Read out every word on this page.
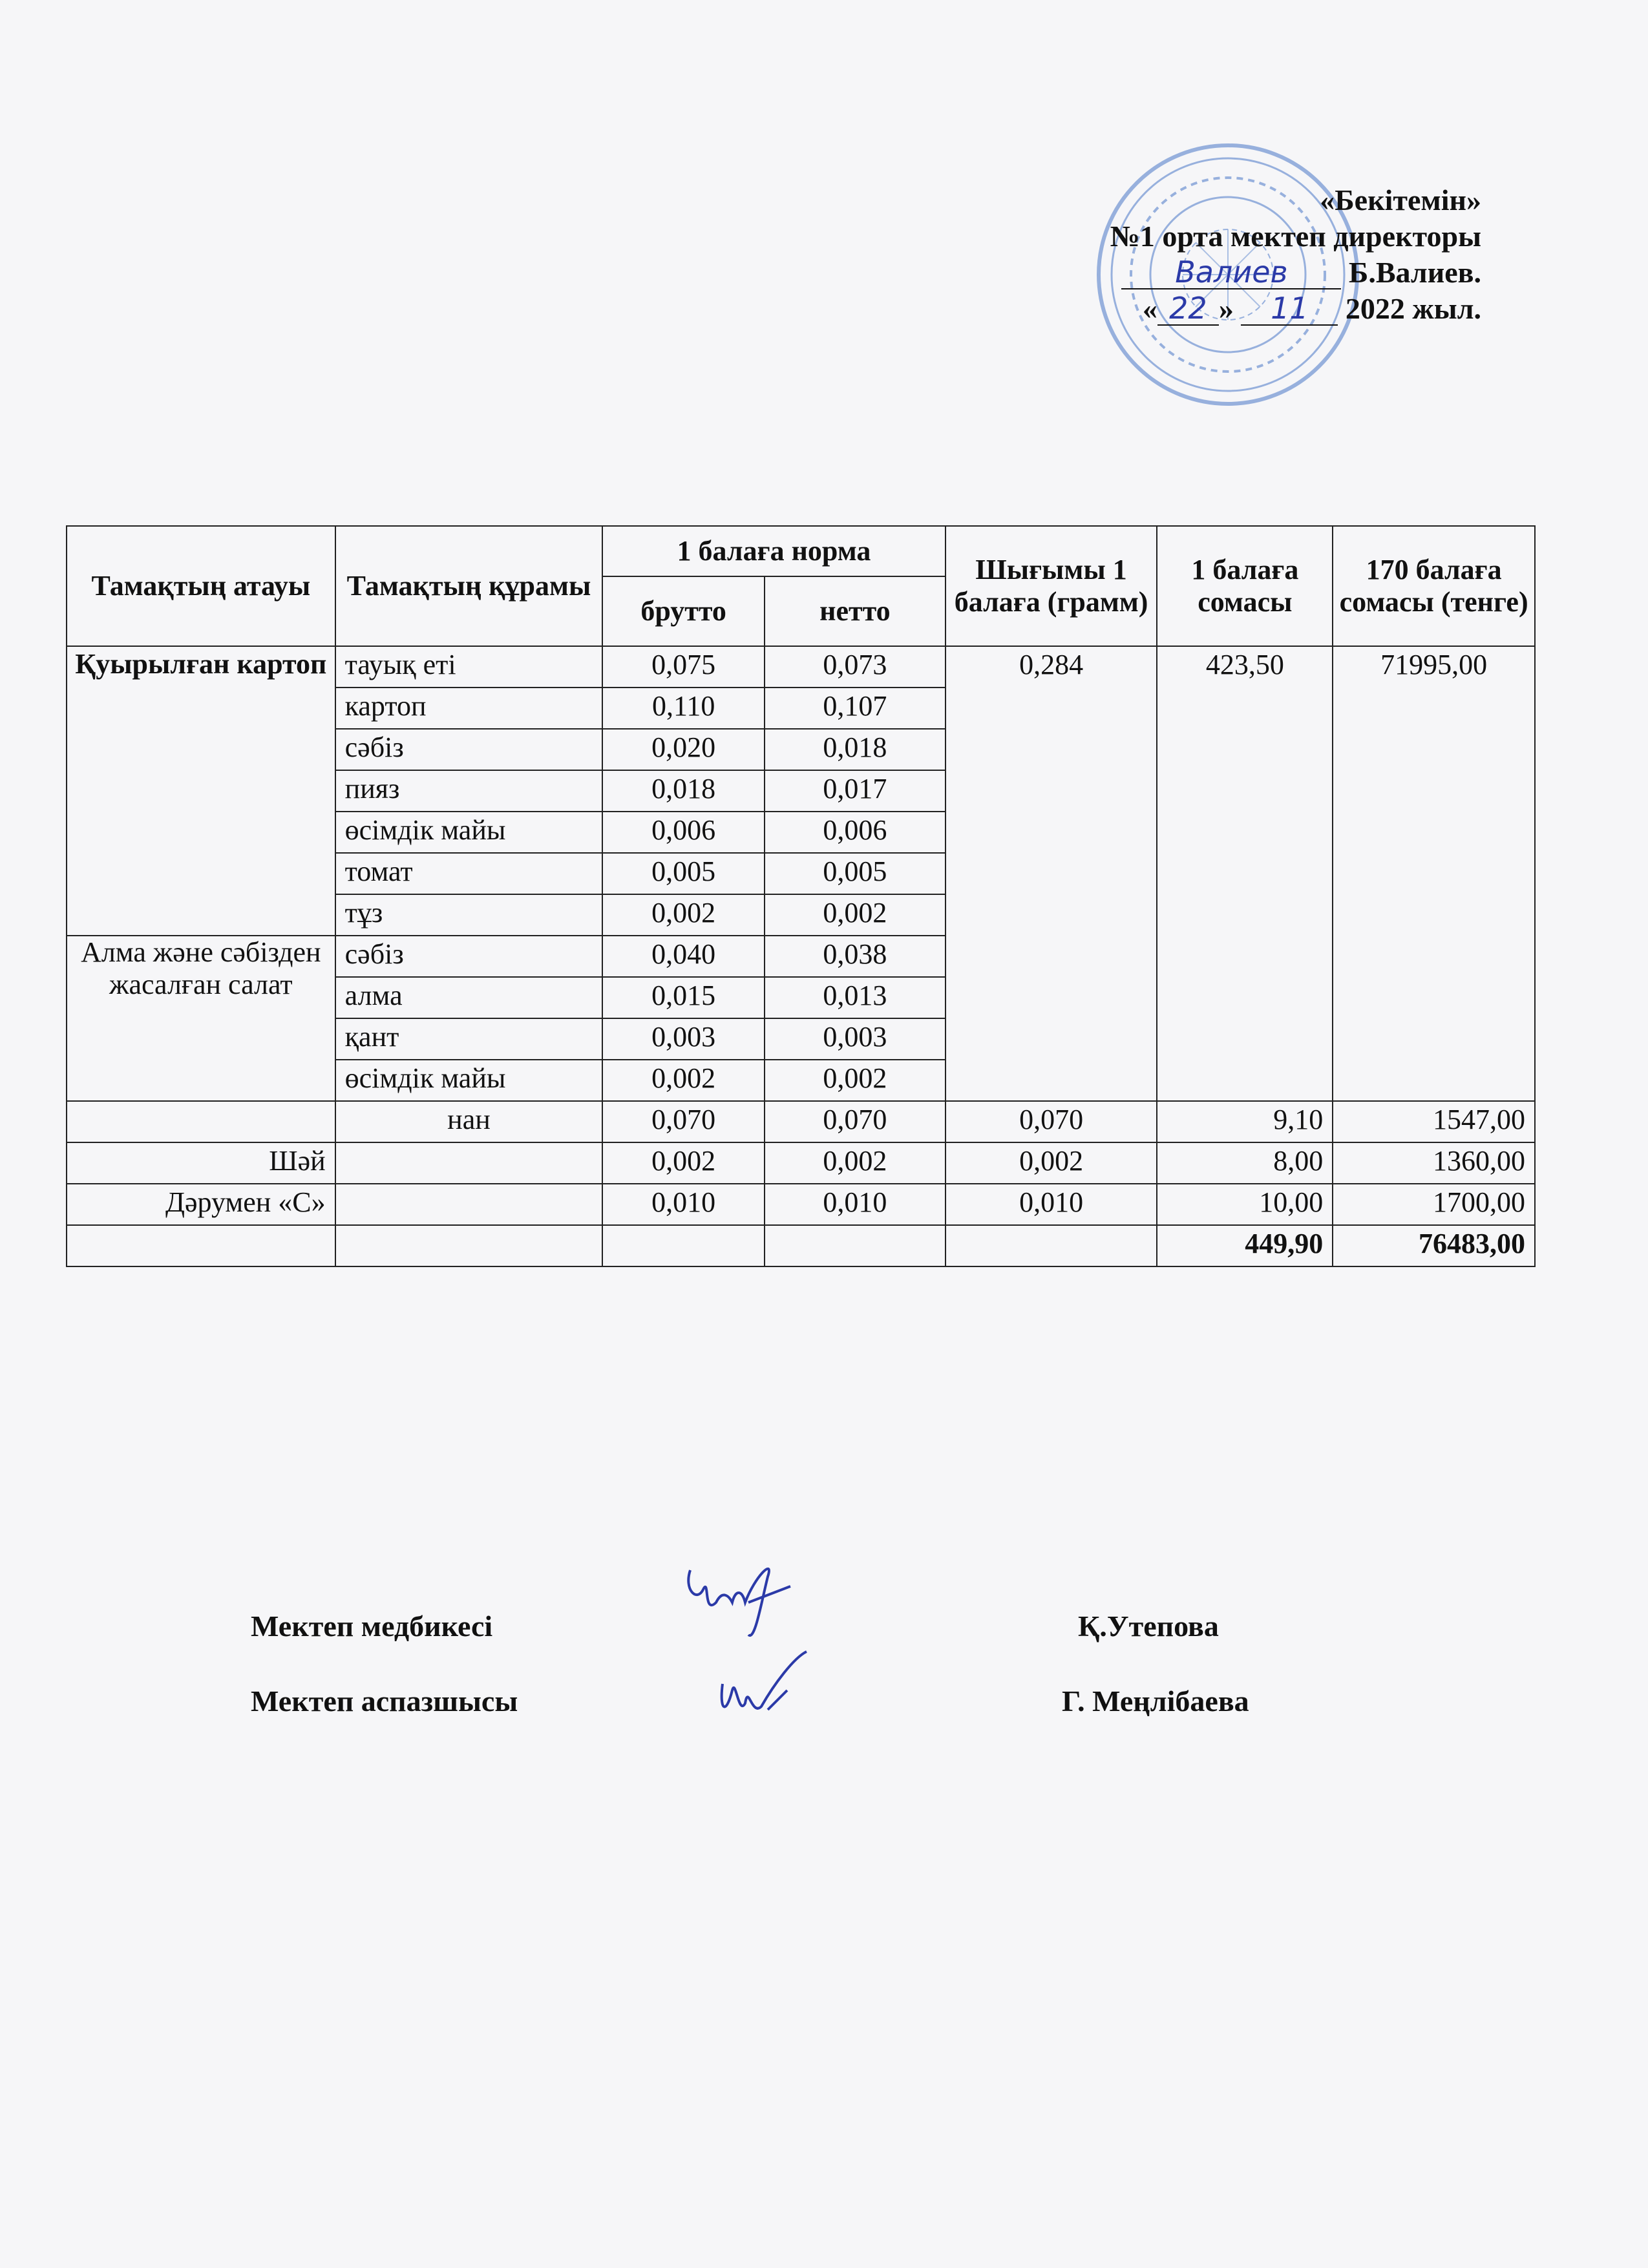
«Бекітемін»
№1 орта мектеп директоры
Валиев Б.Валиев.
« 22 » 11 2022 жыл.
Тамақтың атауы	Тамақтың құрамы	1 балаға норма		Шығымы 1 балаға (грамм)	1 балаға сомасы	170 балаға сомасы (тенге)
		брутто	нетто			
Қуырылған картоп	тауық еті	0,075	0,073	0,284	423,50	71995,00
	картоп	0,110	0,107			
	сәбіз	0,020	0,018			
	пияз	0,018	0,017			
	өсімдік майы	0,006	0,006			
	томат	0,005	0,005			
	тұз	0,002	0,002			
Алма және сәбізден жасалған салат	сәбіз	0,040	0,038			
	алма	0,015	0,013			
	қант	0,003	0,003			
	өсімдік майы	0,002	0,002			
	нан	0,070	0,070	0,070	9,10	1547,00
Шәй		0,002	0,002	0,002	8,00	1360,00
Дәрумен «С»		0,010	0,010	0,010	10,00	1700,00
					449,90	76483,00
Мектеп медбикесі	Қ.Утепова
Мектеп аспазшысы	Г. Меңлібаева
